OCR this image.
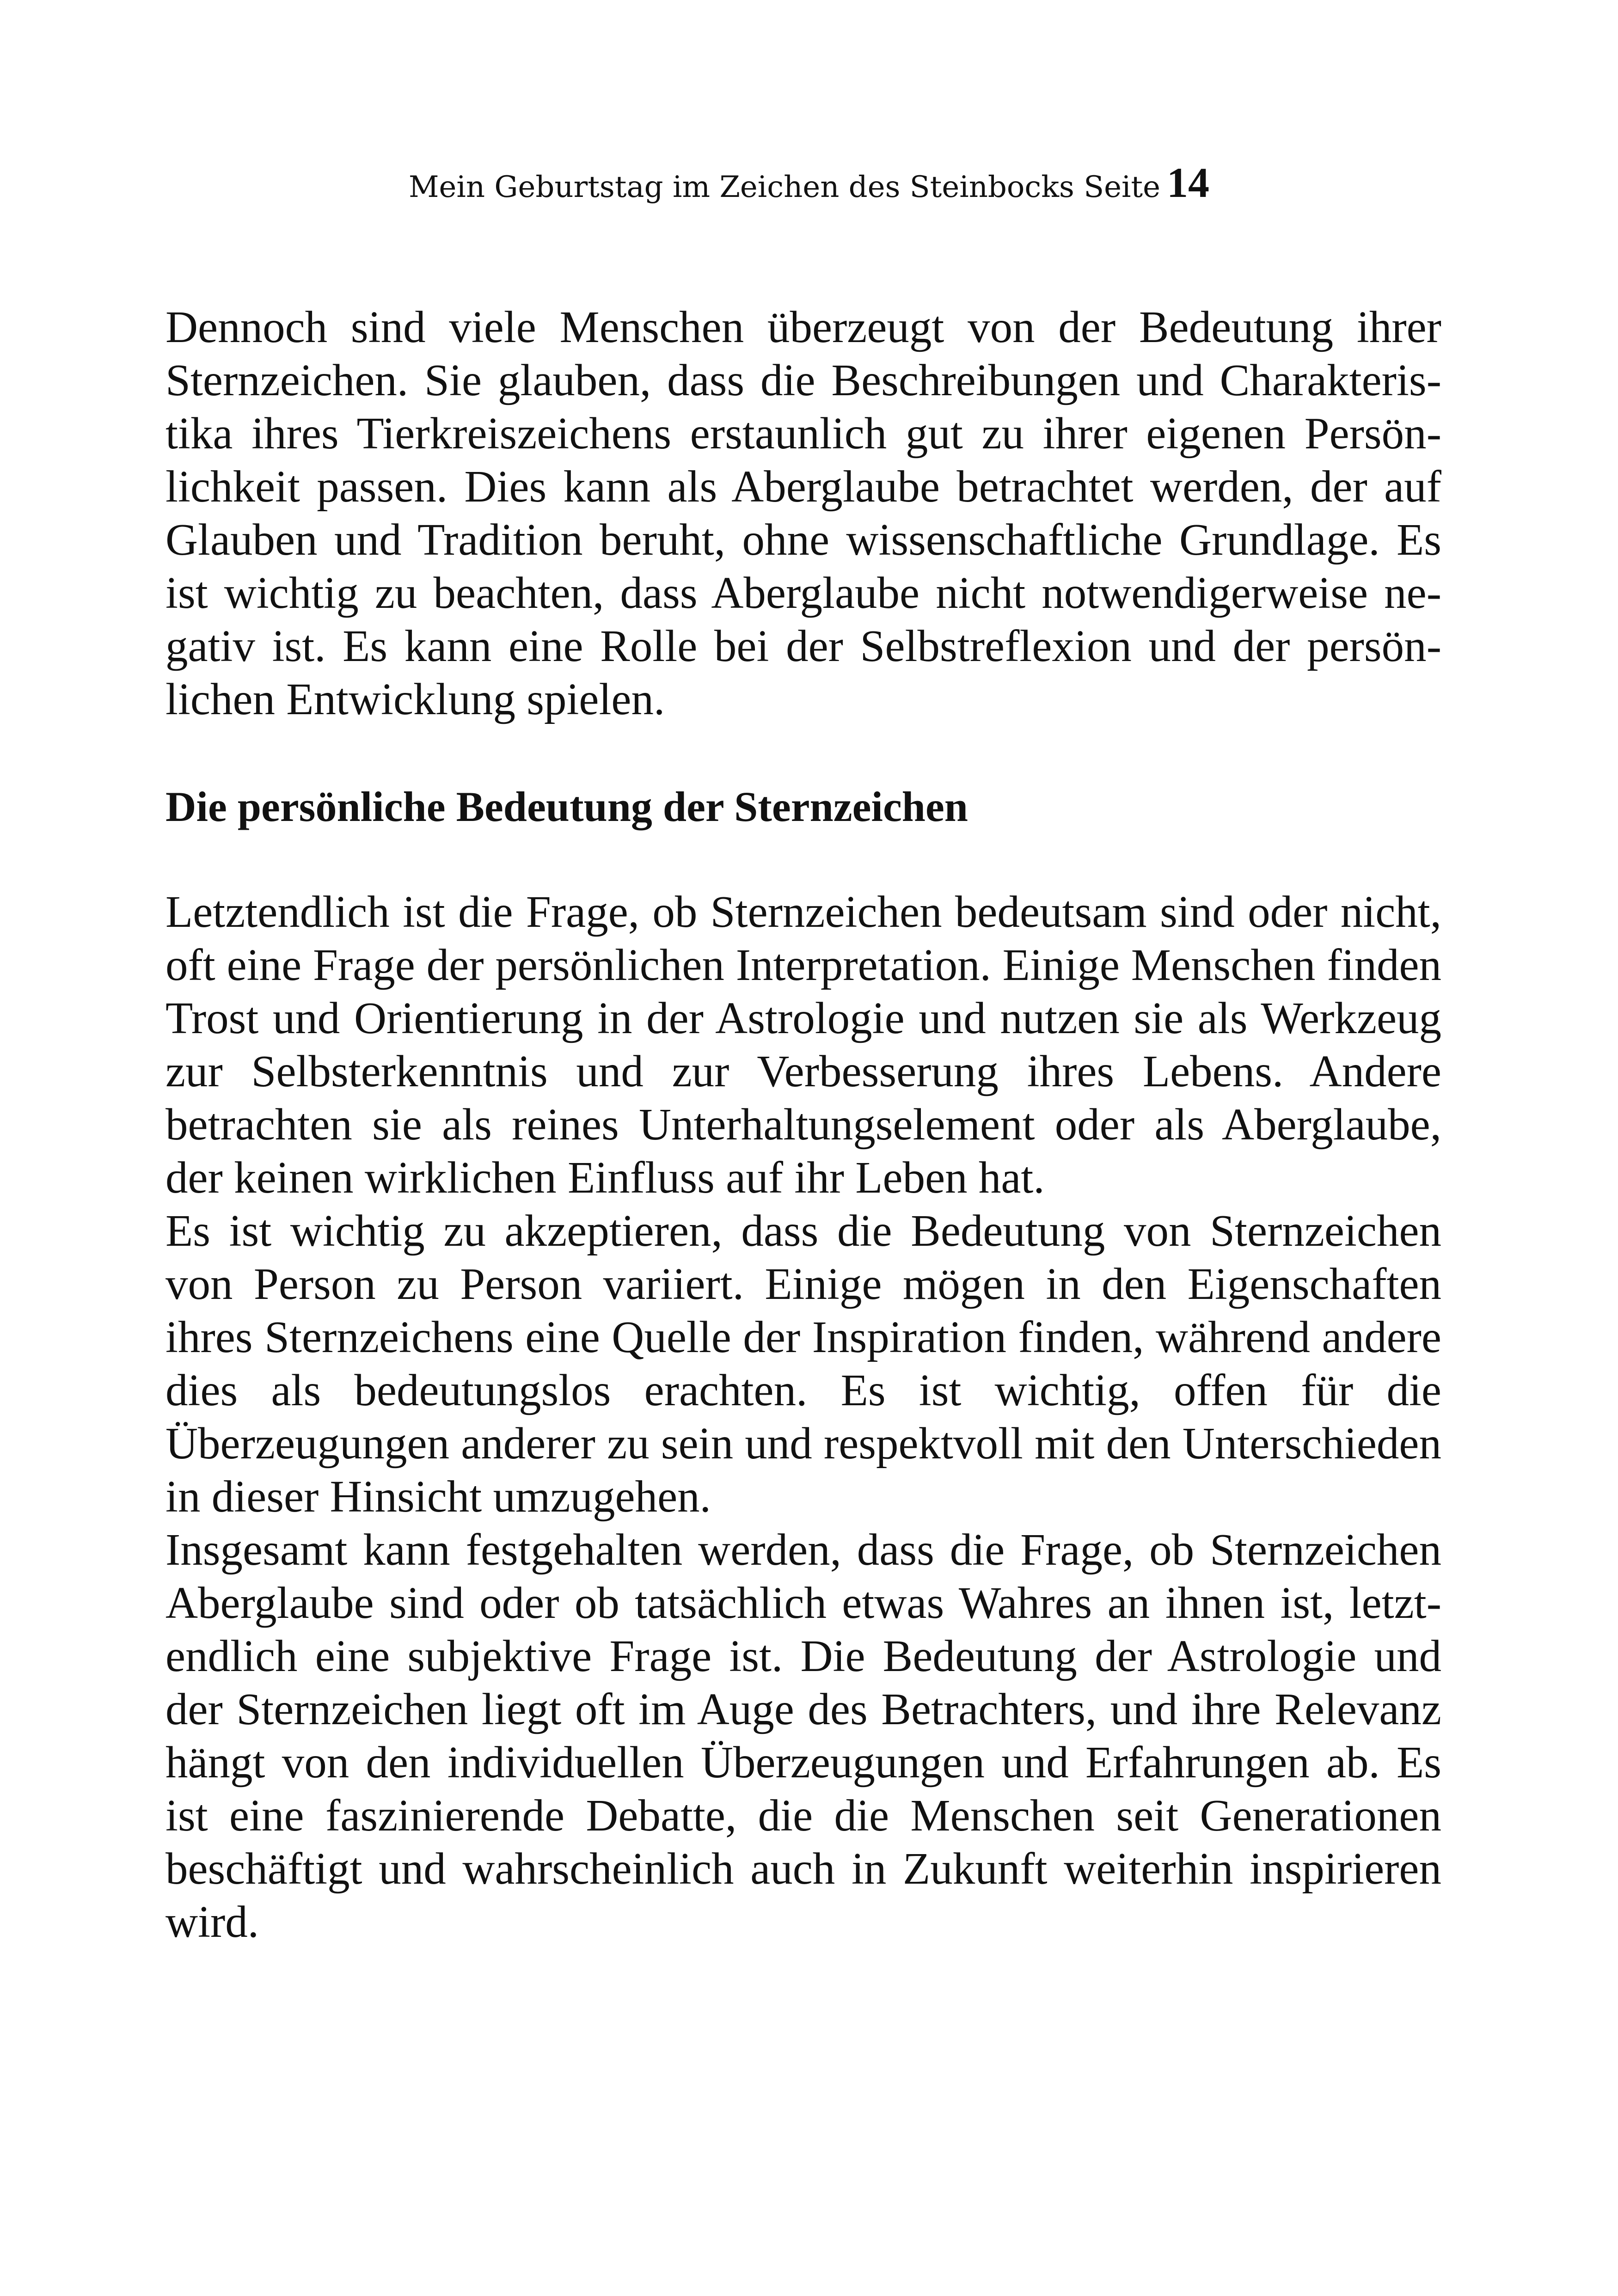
Mein Geburtstag im Zeichen des Steinbocks Seite 14

Dennoch sind viele Menschen überzeugt von der Bedeutung ihrer Sternzeichen. Sie glauben, dass die Beschreibungen und Charakteristika ihres Tierkreiszeichens erstaunlich gut zu ihrer eigenen Persönlichkeit passen. Dies kann als Aberglaube betrachtet werden, der auf Glauben und Tradition beruht, ohne wissenschaftliche Grundlage. Es ist wichtig zu beachten, dass Aberglaube nicht notwendigerweise negativ ist. Es kann eine Rolle bei der Selbstreflexion und der persönlichen Entwicklung spielen.

Die persönliche Bedeutung der Sternzeichen

Letztendlich ist die Frage, ob Sternzeichen bedeutsam sind oder nicht, oft eine Frage der persönlichen Interpretation. Einige Menschen finden Trost und Orientierung in der Astrologie und nutzen sie als Werkzeug zur Selbsterkenntnis und zur Verbesserung ihres Lebens. Andere betrachten sie als reines Unterhaltungselement oder als Aberglaube, der keinen wirklichen Einfluss auf ihr Leben hat.

Es ist wichtig zu akzeptieren, dass die Bedeutung von Sternzeichen von Person zu Person variiert. Einige mögen in den Eigenschaften ihres Sternzeichens eine Quelle der Inspiration finden, während andere dies als bedeutungslos erachten. Es ist wichtig, offen für die Überzeugungen anderer zu sein und respektvoll mit den Unterschieden in dieser Hinsicht umzugehen.

Insgesamt kann festgehalten werden, dass die Frage, ob Sternzeichen Aberglaube sind oder ob tatsächlich etwas Wahres an ihnen ist, letztendlich eine subjektive Frage ist. Die Bedeutung der Astrologie und der Sternzeichen liegt oft im Auge des Betrachters, und ihre Relevanz hängt von den individuellen Überzeugungen und Erfahrungen ab. Es ist eine faszinierende Debatte, die die Menschen seit Generationen beschäftigt und wahrscheinlich auch in Zukunft weiterhin inspirieren wird.
